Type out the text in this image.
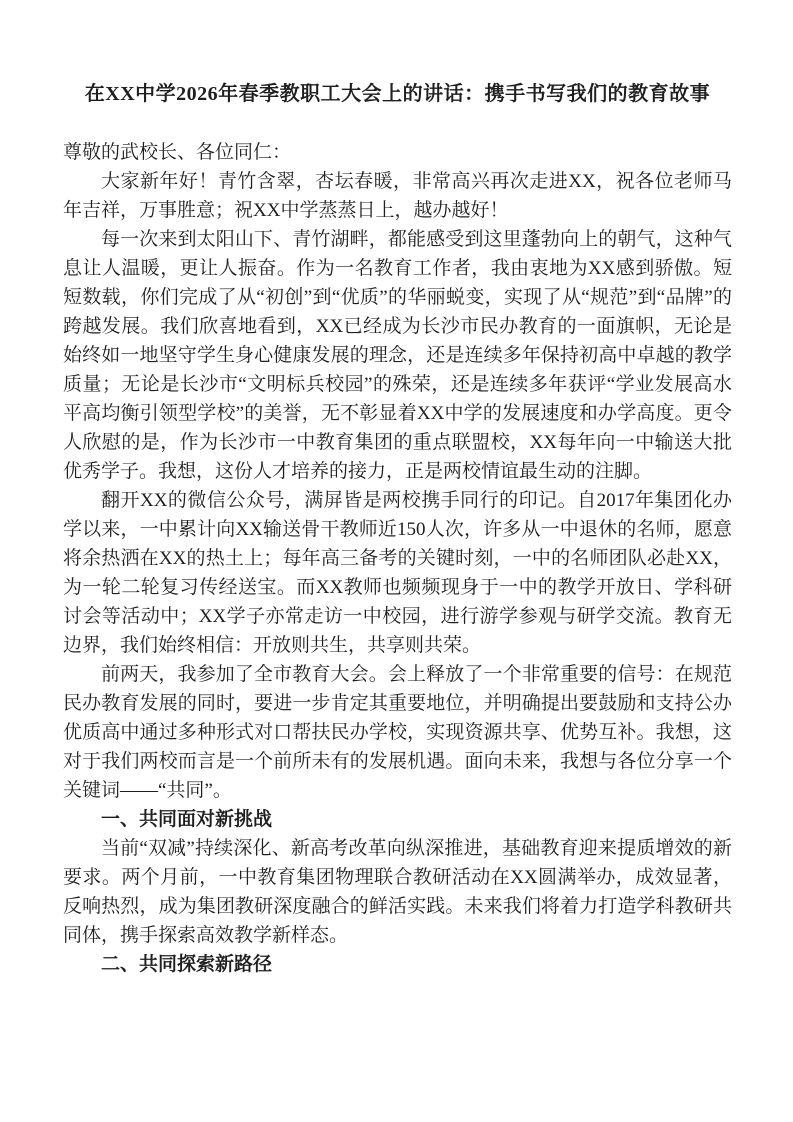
在XX中学2026年春季教职工大会上的讲话：携手书写我们的教育故事

尊敬的武校长、各位同仁：

大家新年好！青竹含翠，杏坛春暖，非常高兴再次走进XX，祝各位老师马年吉祥，万事胜意；祝XX中学蒸蒸日上，越办越好！

每一次来到太阳山下、青竹湖畔，都能感受到这里蓬勃向上的朝气，这种气息让人温暖，更让人振奋。作为一名教育工作者，我由衷地为XX感到骄傲。短短数载，你们完成了从“初创”到“优质”的华丽蜕变，实现了从“规范”到“品牌”的跨越发展。我们欣喜地看到，XX已经成为长沙市民办教育的一面旗帜，无论是始终如一地坚守学生身心健康发展的理念，还是连续多年保持初高中卓越的教学质量；无论是长沙市“文明标兵校园”的殊荣，还是连续多年获评“学业发展高水平高均衡引领型学校”的美誉，无不彰显着XX中学的发展速度和办学高度。更令人欣慰的是，作为长沙市一中教育集团的重点联盟校，XX每年向一中输送大批优秀学子。我想，这份人才培养的接力，正是两校情谊最生动的注脚。

翻开XX的微信公众号，满屏皆是两校携手同行的印记。自2017年集团化办学以来，一中累计向XX输送骨干教师近150人次，许多从一中退休的名师，愿意将余热洒在XX的热土上；每年高三备考的关键时刻，一中的名师团队必赴XX，为一轮二轮复习传经送宝。而XX教师也频频现身于一中的教学开放日、学科研讨会等活动中；XX学子亦常走访一中校园，进行游学参观与研学交流。教育无边界，我们始终相信：开放则共生，共享则共荣。

前两天，我参加了全市教育大会。会上释放了一个非常重要的信号：在规范民办教育发展的同时，要进一步肯定其重要地位，并明确提出要鼓励和支持公办优质高中通过多种形式对口帮扶民办学校，实现资源共享、优势互补。我想，这对于我们两校而言是一个前所未有的发展机遇。面向未来，我想与各位分享一个关键词——“共同”。

一、共同面对新挑战

当前“双减”持续深化、新高考改革向纵深推进，基础教育迎来提质增效的新要求。两个月前，一中教育集团物理联合教研活动在XX圆满举办，成效显著，反响热烈，成为集团教研深度融合的鲜活实践。未来我们将着力打造学科教研共同体，携手探索高效教学新样态。

二、共同探索新路径
